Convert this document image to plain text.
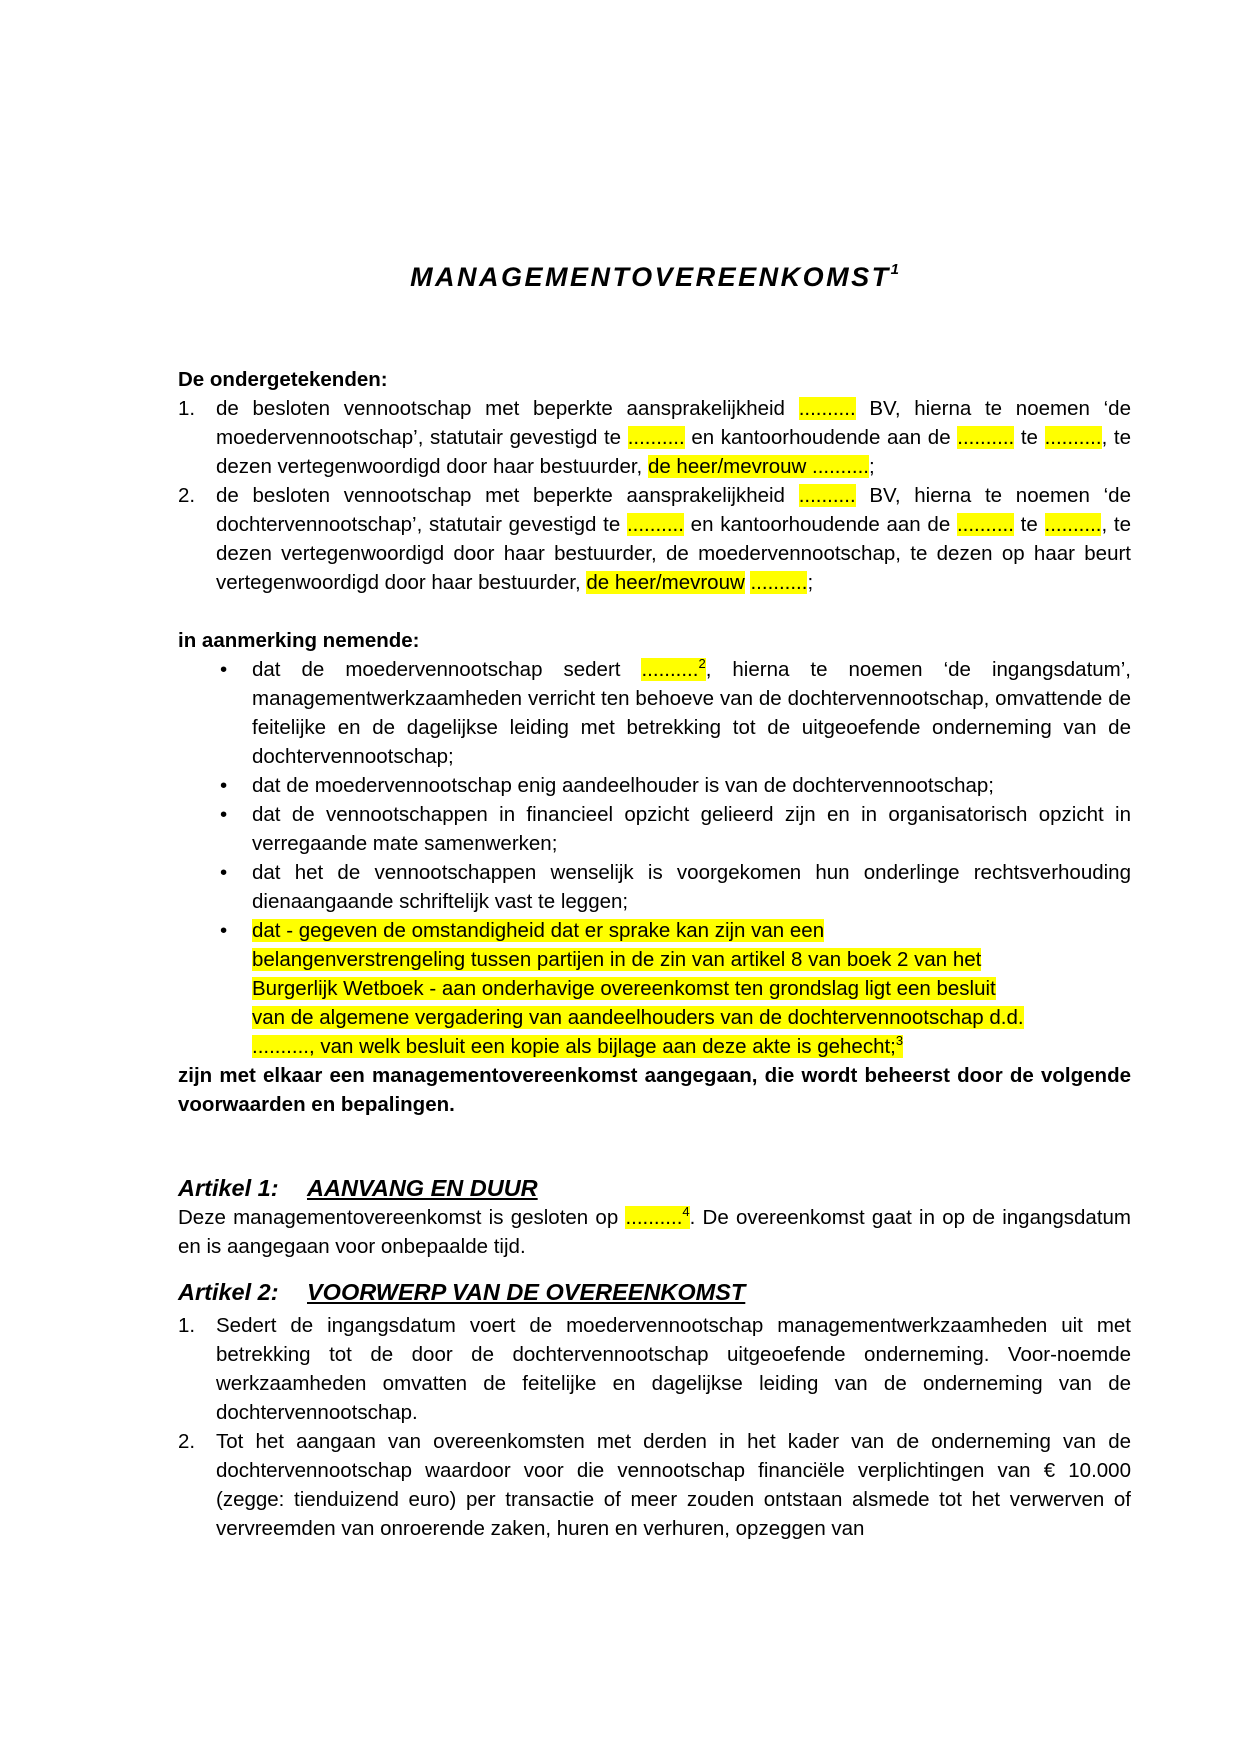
MANAGEMENTOVEREENKOMST$^1$

De ondergetekenden:

1. de besloten vennootschap met beperkte aansprakelijkheid .......... BV, hierna te noemen ‘de moedervennootschap’, statutair gevestigd te .......... en kantoorhoudende aan de .......... te .........., te dezen vertegenwoordigd door haar bestuurder, de heer/mevrouw ..........;
2. de besloten vennootschap met beperkte aansprakelijkheid .......... BV, hierna te noemen ‘de dochtervennootschap’, statutair gevestigd te .......... en kantoorhoudende aan de .......... te .........., te dezen vertegenwoordigd door haar bestuurder, de moedervennootschap, te dezen op haar beurt vertegenwoordigd door haar bestuurder, de heer/mevrouw ..........;

in aanmerking nemende:

• dat de moedervennootschap sedert ..........$^2$, hierna te noemen ‘de ingangsdatum’, managementwerkzaamheden verricht ten behoeve van de dochtervennootschap, omvattende de feitelijke en de dagelijkse leiding met betrekking tot de uitgeoefende onderneming van de dochtervennootschap;
• dat de moedervennootschap enig aandeelhouder is van de dochtervennootschap;
• dat de vennootschappen in financieel opzicht gelieerd zijn en in organisatorisch opzicht in verregaande mate samenwerken;
• dat het de vennootschappen wenselijk is voorgekomen hun onderlinge rechtsverhouding dienaangaande schriftelijk vast te leggen;
• dat - gegeven de omstandigheid dat er sprake kan zijn van een
belangenverstrengeling tussen partijen in de zin van artikel 8 van boek 2 van het
Burgerlijk Wetboek - aan onderhavige overeenkomst ten grondslag ligt een besluit
van de algemene vergadering van aandeelhouders van de dochtervennootschap d.d.
.........., van welk besluit een kopie als bijlage aan deze akte is gehecht;$^3$

zijn met elkaar een managementovereenkomst aangegaan, die wordt beheerst door de volgende voorwaarden en bepalingen.

Artikel 1: AANVANG EN DUUR

Deze managementovereenkomst is gesloten op ..........$^4$. De overeenkomst gaat in op de ingangsdatum en is aangegaan voor onbepaalde tijd.

Artikel 2: VOORWERP VAN DE OVEREENKOMST

1. Sedert de ingangsdatum voert de moedervennootschap managementwerkzaamheden uit met betrekking tot de door de dochtervennootschap uitgeoefende onderneming. Voor-noemde werkzaamheden omvatten de feitelijke en dagelijkse leiding van de onderneming van de dochtervennootschap.
2. Tot het aangaan van overeenkomsten met derden in het kader van de onderneming van de dochtervennootschap waardoor voor die vennootschap financiële verplichtingen van € 10.000 (zegge: tienduizend euro) per transactie of meer zouden ontstaan alsmede tot het verwerven of vervreemden van onroerende zaken, huren en verhuren, opzeggen van
